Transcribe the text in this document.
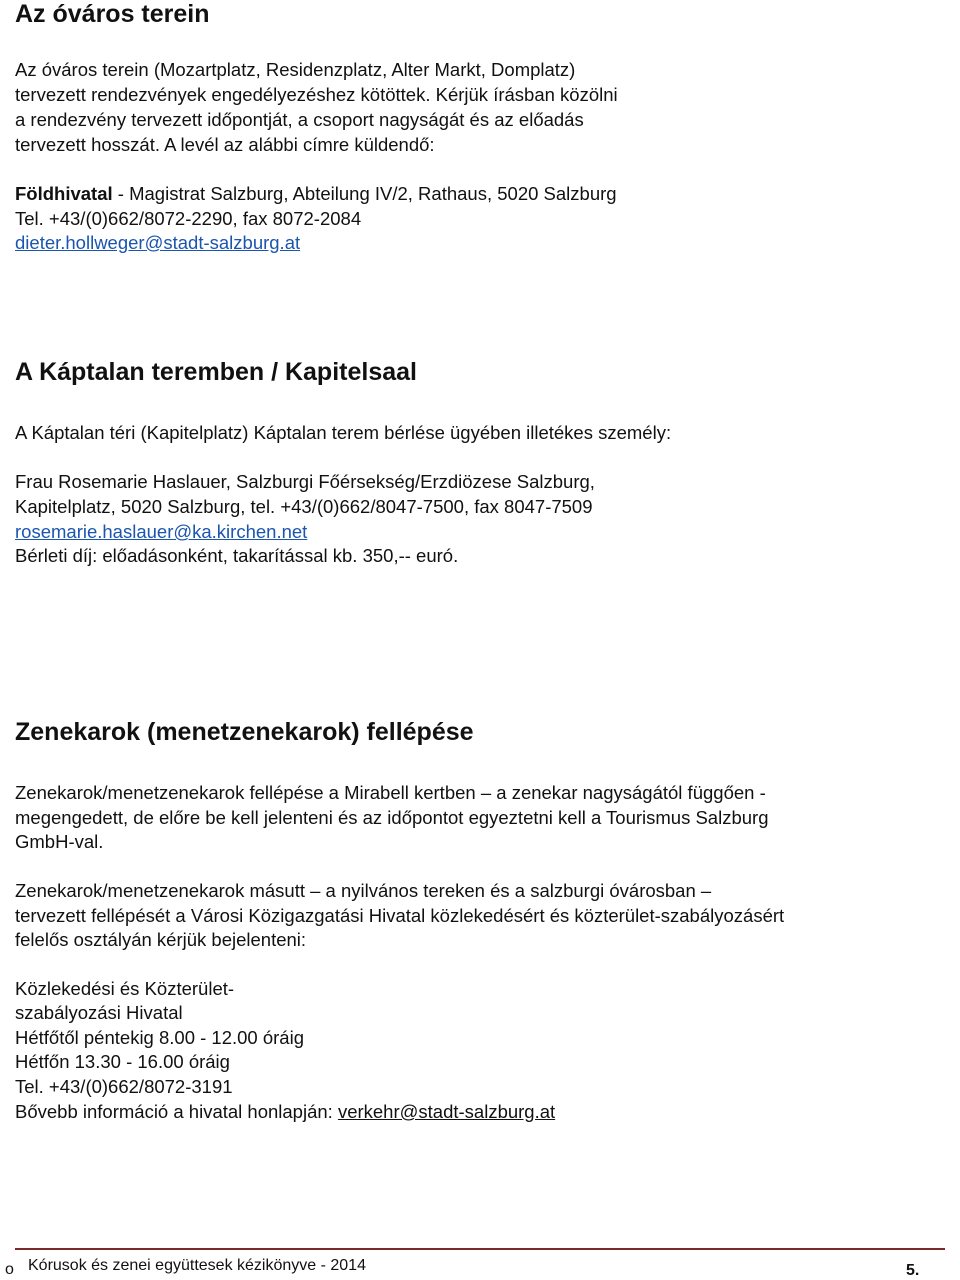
Az óváros terein

Az óváros terein (Mozartplatz, Residenzplatz, Alter Markt, Domplatz)

tervezett rendezvények engedélyezéshez kötöttek. Kérjük írásban közölni

a rendezvény tervezett időpontját, a csoport nagyságát és az előadás

tervezett hosszát. A levél az alábbi címre küldendő:

Földhivatal - Magistrat Salzburg, Abteilung IV/2, Rathaus, 5020 Salzburg

Tel. +43/(0)662/8072-2290, fax 8072-2084

dieter.hollweger@stadt-salzburg.at

A Káptalan teremben / Kapitelsaal

A Káptalan téri (Kapitelplatz) Káptalan terem bérlése ügyében illetékes személy:

Frau Rosemarie Haslauer, Salzburgi Főérsekség/Erzdiözese Salzburg,

Kapitelplatz, 5020 Salzburg, tel. +43/(0)662/8047-7500, fax 8047-7509

rosemarie.haslauer@ka.kirchen.net

Bérleti díj: előadásonként, takarítással kb. 350,-- euró.

Zenekarok (menetzenekarok) fellépése

Zenekarok/menetzenekarok fellépése a Mirabell kertben – a zenekar nagyságától függően -

megengedett, de előre be kell jelenteni és az időpontot egyeztetni kell a Tourismus Salzburg

GmbH-val.

Zenekarok/menetzenekarok másutt – a nyilvános tereken és a salzburgi óvárosban –

tervezett fellépését a Városi Közigazgatási Hivatal közlekedésért és közterület-szabályozásért

felelős osztályán kérjük bejelenteni:

Közlekedési és Közterület-

szabályozási Hivatal

Hétfőtől péntekig 8.00 - 12.00 óráig

Hétfőn 13.30 - 16.00 óráig

Tel. +43/(0)662/8072-3191

Bővebb információ a hivatal honlapján: verkehr@stadt-salzburg.at

o Kórusok és zenei együttesek kézikönyve - 2014	5.
